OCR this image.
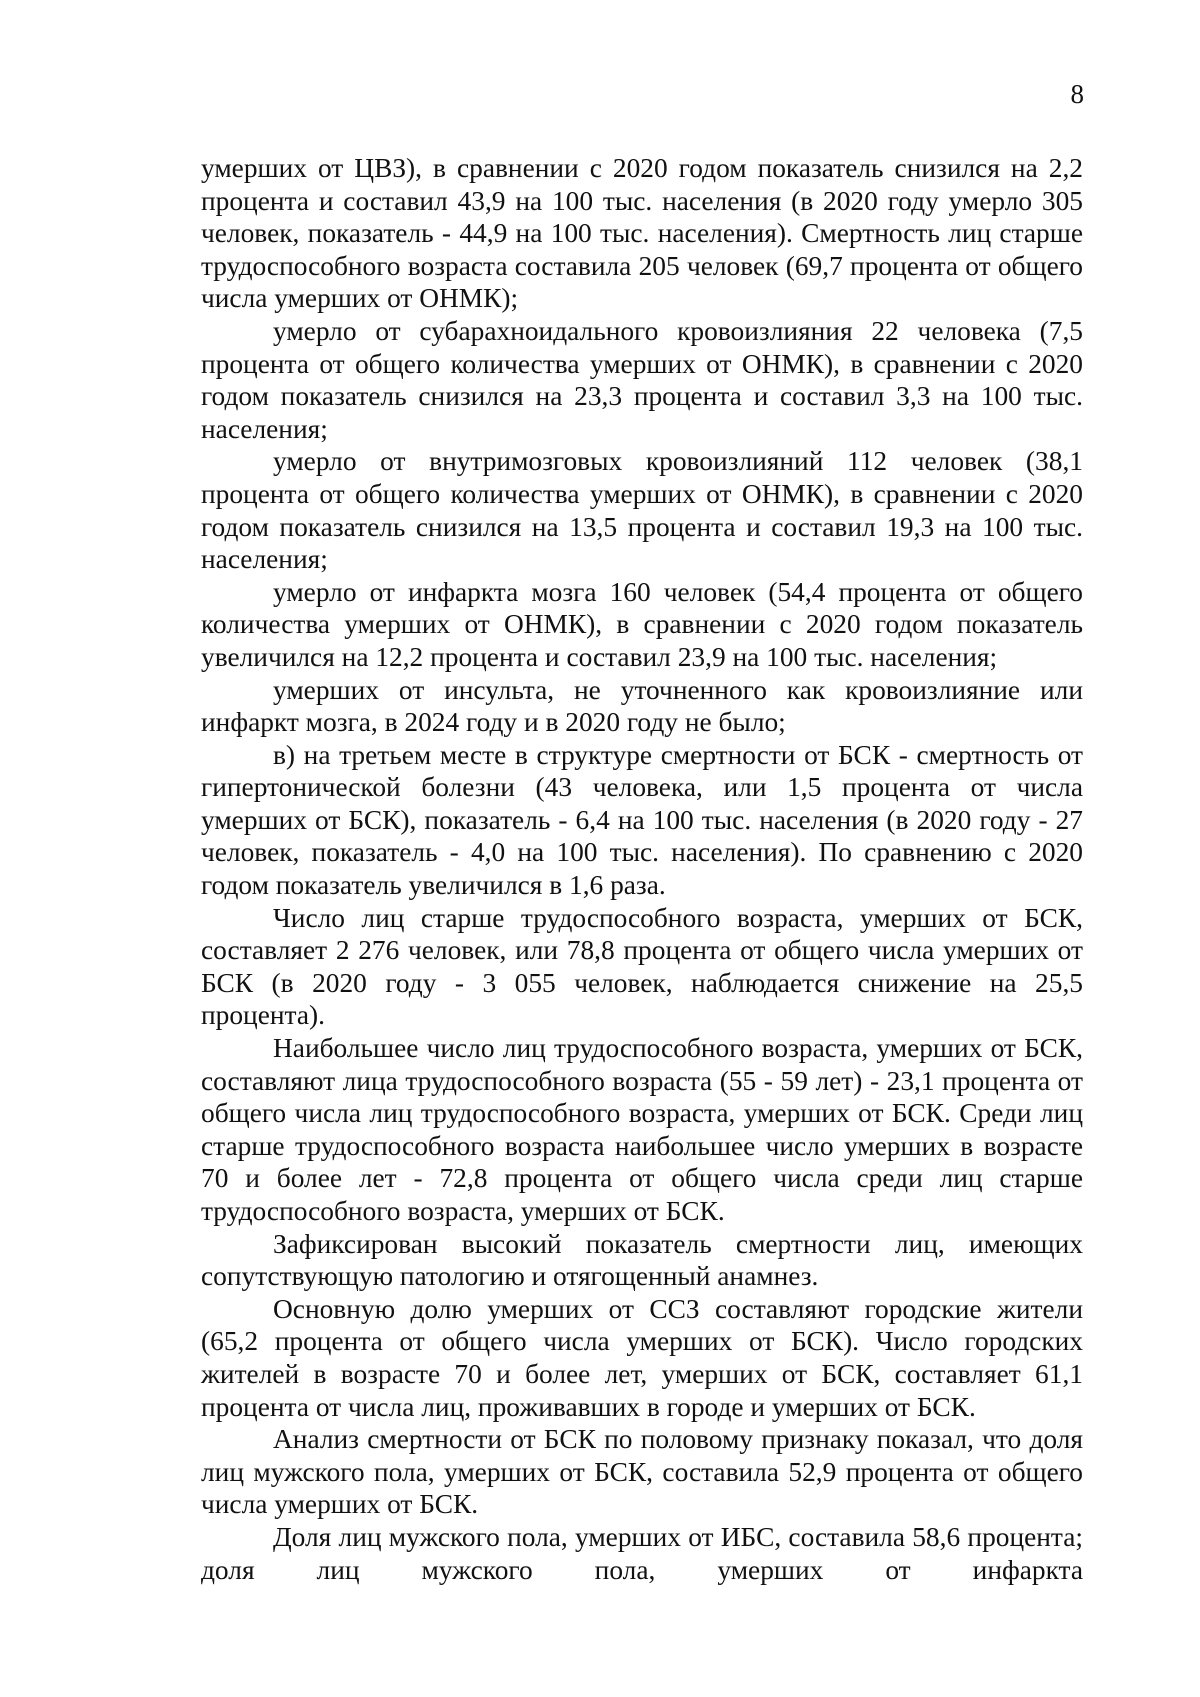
8

умерших от ЦВЗ), в сравнении с 2020 годом показатель снизился на 2,2 процента и составил 43,9 на 100 тыс. населения (в 2020 году умерло 305 человек, показатель - 44,9 на 100 тыс. населения). Смертность лиц старше трудоспособного возраста составила 205 человек (69,7 процента от общего числа умерших от ОНМК);

умерло от субарахноидального кровоизлияния 22 человека (7,5 процента от общего количества умерших от ОНМК), в сравнении с 2020 годом показатель снизился на 23,3 процента и составил 3,3 на 100 тыс. населения;

умерло от внутримозговых кровоизлияний 112 человек (38,1 процента от общего количества умерших от ОНМК), в сравнении с 2020 годом показатель снизился на 13,5 процента и составил 19,3 на 100 тыс. населения;

умерло от инфаркта мозга 160 человек (54,4 процента от общего количества умерших от ОНМК), в сравнении с 2020 годом показатель увеличился на 12,2 процента и составил 23,9 на 100 тыс. населения;

умерших от инсульта, не уточненного как кровоизлияние или инфаркт мозга, в 2024 году и в 2020 году не было;

в) на третьем месте в структуре смертности от БСК - смертность от гипертонической болезни (43 человека, или 1,5 процента от числа умерших от БСК), показатель - 6,4 на 100 тыс. населения (в 2020 году - 27 человек, показатель - 4,0 на 100 тыс. населения). По сравнению с 2020 годом показатель увеличился в 1,6 раза.

Число лиц старше трудоспособного возраста, умерших от БСК, составляет 2 276 человек, или 78,8 процента от общего числа умерших от БСК (в 2020 году - 3 055 человек, наблюдается снижение на 25,5 процента).

Наибольшее число лиц трудоспособного возраста, умерших от БСК, составляют лица трудоспособного возраста (55 - 59 лет) - 23,1 процента от общего числа лиц трудоспособного возраста, умерших от БСК. Среди лиц старше трудоспособного возраста наибольшее число умерших в возрасте 70 и более лет - 72,8 процента от общего числа среди лиц старше трудоспособного возраста, умерших от БСК.

Зафиксирован высокий показатель смертности лиц, имеющих сопутствующую патологию и отягощенный анамнез.

Основную долю умерших от ССЗ составляют городские жители (65,2 процента от общего числа умерших от БСК). Число городских жителей в возрасте 70 и более лет, умерших от БСК, составляет 61,1 процента от числа лиц, проживавших в городе и умерших от БСК.

Анализ смертности от БСК по половому признаку показал, что доля лиц мужского пола, умерших от БСК, составила 52,9 процента от общего числа умерших от БСК.

Доля лиц мужского пола, умерших от ИБС, составила 58,6 процента; доля лиц мужского пола, умерших от инфаркта
